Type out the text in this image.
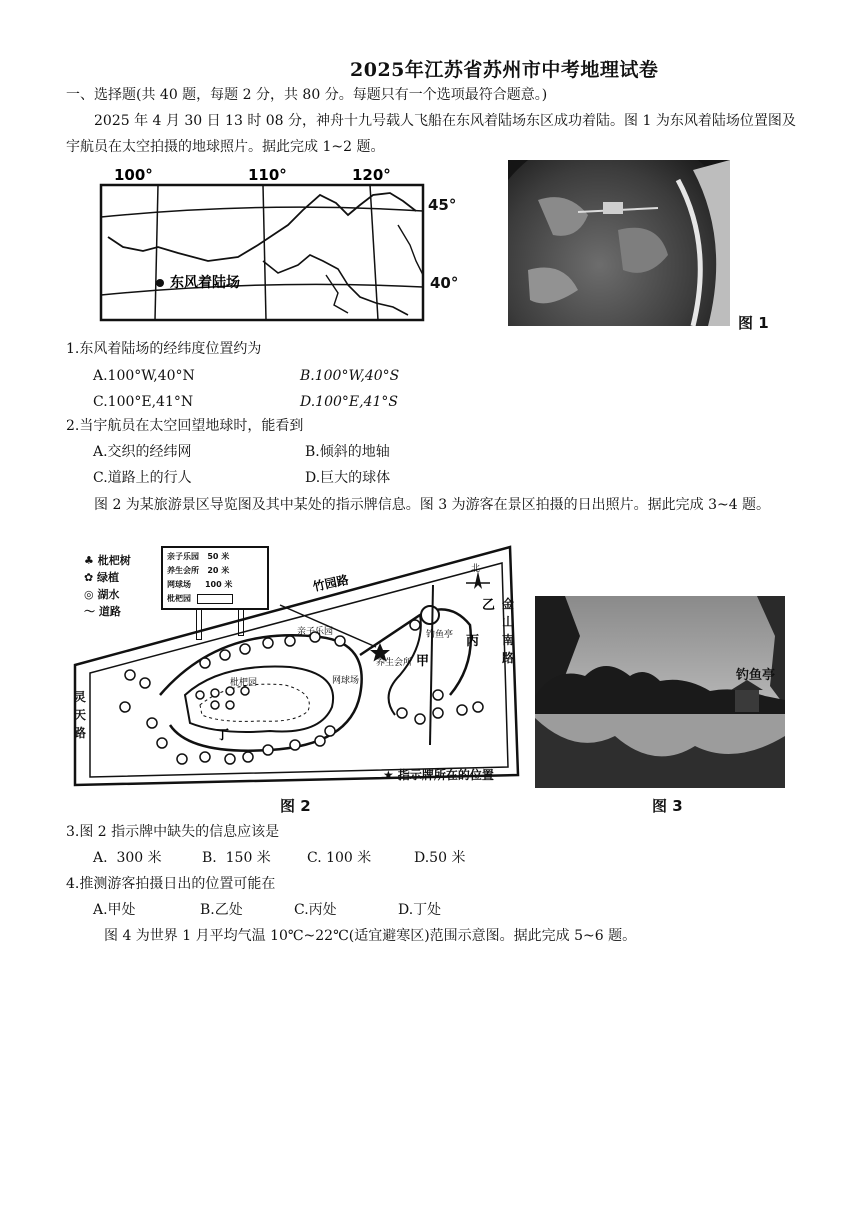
2025年江苏省苏州市中考地理试卷
一、选择题(共 40 题，每题 2 分，共 80 分。每题只有一个选项最符合题意。)
2025 年 4 月 30 日 13 时 08 分，神舟十九号载人飞船在东风着陆场东区成功着陆。图 1 为东风着陆场位置图及宇航员在太空拍摄的地球照片。据此完成 1~2 题。
100°	110°	120°
东风着陆场
45°
40°
图 1
1.东风着陆场的经纬度位置约为
A.100°W,40°N	B.100°W,40°S
C.100°E,41°N	D.100°E,41°S
2.当宇航员在太空回望地球时，能看到
A.交织的经纬网	B.倾斜的地轴
C.道路上的行人	D.巨大的球体
图 2 为某旅游景区导览图及其中某处的指示牌信息。图 3 为游客在景区拍摄的日出照片。据此完成 3~4 题。
竹园路
亲子乐园
养生会所
网球场
枇杷园
钓鱼亭
甲
乙
丙
丁
北
♣ 枇杷树
✿ 绿植
◎ 湖水
〜 道路
亲子乐园 50 米
养生会所 20 米
网球场 100 米
枇杷园	金山南路
灵天路
★ 指示牌所在的位置
图 2
钓鱼亭
图 3
3.图 2 指示牌中缺失的信息应该是
A.  300 米	B.  150 米	C. 100 米	D.50 米
4.推测游客拍摄日出的位置可能在
A.甲处	B.乙处	C.丙处	D.丁处
图 4 为世界 1 月平均气温 10℃~22℃(适宜避寒区)范围示意图。据此完成 5~6 题。
